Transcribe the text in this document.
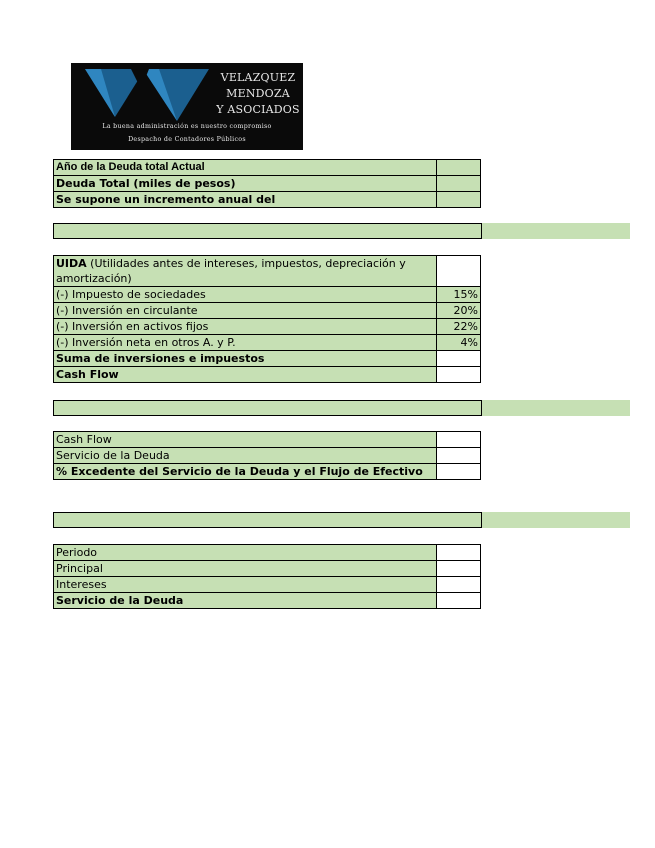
VELAZQUEZ
MENDOZA
Y ASOCIADOS
La buena administración es nuestro compromiso
Despacho de Contadores Públicos
Año de la Deuda total Actual	
Deuda Total (miles de pesos)	
Se supone un incremento anual del	
UIDA (Utilidades antes de intereses, impuestos, depreciación y amortización)	
(-) Impuesto de sociedades	15%
(-) Inversión en circulante	20%
(-) Inversión en activos fijos	22%
(-) Inversión neta en otros A. y P.	4%
Suma de inversiones e impuestos	
Cash Flow	
Cash Flow	
Servicio de la Deuda	
% Excedente del Servicio de la Deuda y el Flujo de Efectivo	
Periodo	
Principal	
Intereses	
Servicio de la Deuda	
